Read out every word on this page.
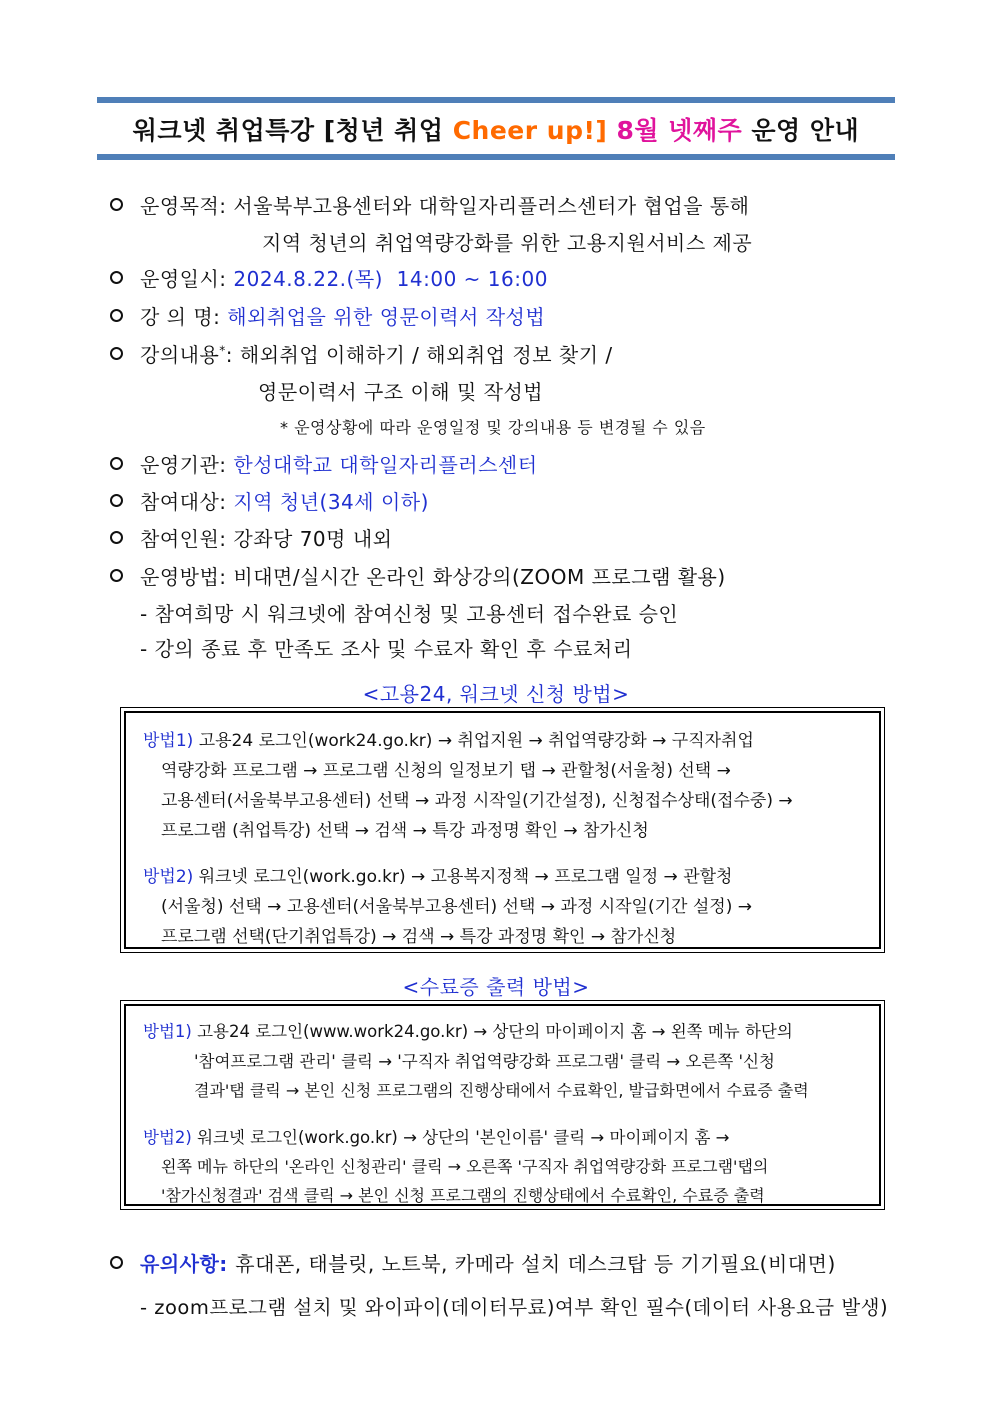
워크넷 취업특강 [청년 취업 Cheer up!] 8월 넷째주 운영 안내
운영목적: 서울북부고용센터와 대학일자리플러스센터가 협업을 통해
지역 청년의 취업역량강화를 위한 고용지원서비스 제공
운영일시: 2024.8.22.(목)  14:00 ~ 16:00
강 의 명: 해외취업을 위한 영문이력서 작성법
강의내용*: 해외취업 이해하기 / 해외취업 정보 찾기 /
영문이력서 구조 이해 및 작성법
* 운영상황에 따라 운영일정 및 강의내용 등 변경될 수 있음
운영기관: 한성대학교 대학일자리플러스센터
참여대상: 지역 청년(34세 이하)
참여인원: 강좌당 70명 내외
운영방법: 비대면/실시간 온라인 화상강의(ZOOM 프로그램 활용)
- 참여희망 시 워크넷에 참여신청 및 고용센터 접수완료 승인
- 강의 종료 후 만족도 조사 및 수료자 확인 후 수료처리
<고용24, 워크넷 신청 방법>
방법1) 고용24 로그인(work24.go.kr) → 취업지원 → 취업역량강화 → 구직자취업
역량강화 프로그램 → 프로그램 신청의 일정보기 탭 → 관할청(서울청) 선택 →
고용센터(서울북부고용센터) 선택 → 과정 시작일(기간설정), 신청접수상태(접수중) →
프로그램 (취업특강) 선택 → 검색 → 특강 과정명 확인 → 참가신청
방법2) 워크넷 로그인(work.go.kr) → 고용복지정책 → 프로그램 일정 → 관할청
(서울청) 선택 → 고용센터(서울북부고용센터) 선택 → 과정 시작일(기간 설정) →
프로그램 선택(단기취업특강) → 검색 → 특강 과정명 확인 → 참가신청
<수료증 출력 방법>
방법1) 고용24 로그인(www.work24.go.kr) → 상단의 마이페이지 홈 → 왼쪽 메뉴 하단의
'참여프로그램 관리' 클릭 → '구직자 취업역량강화 프로그램' 클릭 → 오른쪽 '신청
결과'탭 클릭 → 본인 신청 프로그램의 진행상태에서 수료확인, 발급화면에서 수료증 출력
방법2) 워크넷 로그인(work.go.kr) → 상단의 '본인이름' 클릭 → 마이페이지 홈 →
왼쪽 메뉴 하단의 '온라인 신청관리' 클릭 → 오른쪽 '구직자 취업역량강화 프로그램'탭의
'참가신청결과' 검색 클릭 → 본인 신청 프로그램의 진행상태에서 수료확인, 수료증 출력
유의사항: 휴대폰, 태블릿, 노트북, 카메라 설치 데스크탑 등 기기필요(비대면)
- zoom프로그램 설치 및 와이파이(데이터무료)여부 확인 필수(데이터 사용요금 발생)
